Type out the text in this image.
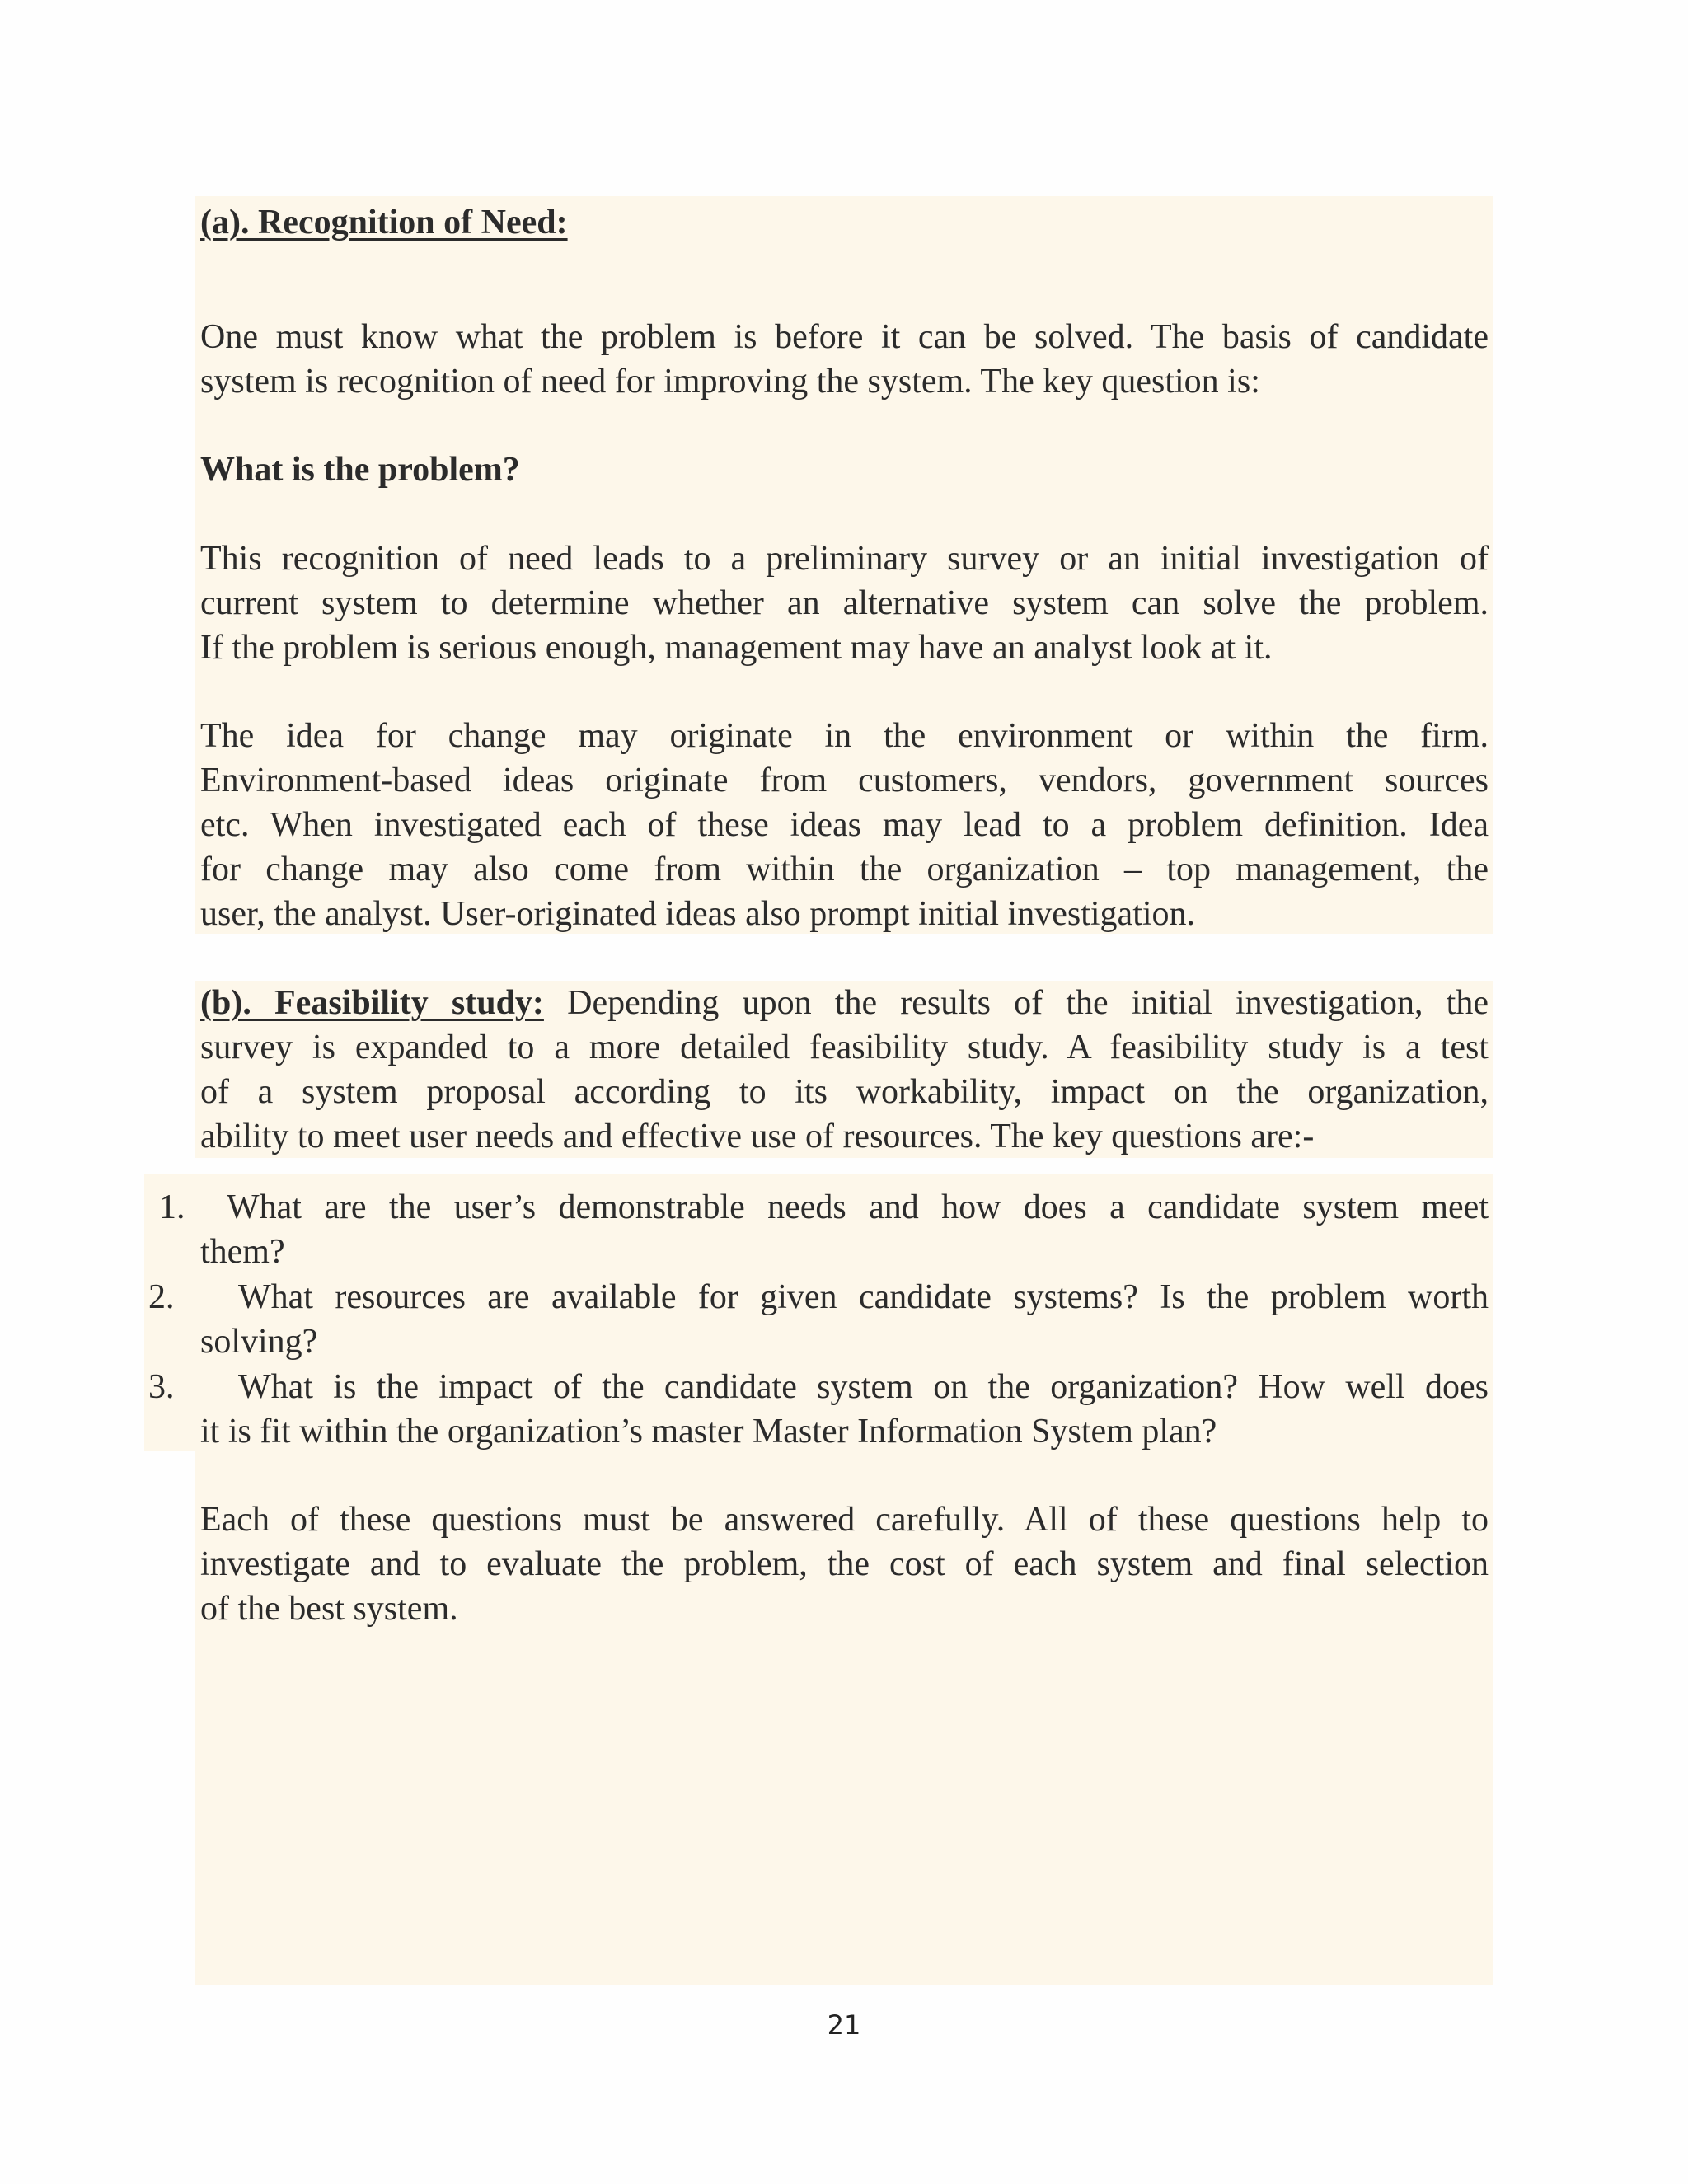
(a). Recognition of Need:
One must know what the problem is before it can be solved. The basis of candidate
system is recognition of need for improving the system. The key question is:
What is the problem?
This recognition of need leads to a preliminary survey or an initial investigation of
current system to determine whether an alternative system can solve the problem.
If the problem is serious enough, management may have an analyst look at it.
The idea for change may originate in the environment or within the firm.
Environment-based ideas originate from customers, vendors, government sources
etc. When investigated each of these ideas may lead to a problem definition. Idea
for change may also come from within the organization – top management, the
user, the analyst. User-originated ideas also prompt initial investigation.
(b). Feasibility study: Depending upon the results of the initial investigation, the
survey is expanded to a more detailed feasibility study. A feasibility study is a test
of a system proposal according to its workability, impact on the organization,
ability to meet user needs and effective use of resources. The key questions are:-
1.	What are the user’s demonstrable needs and how does a candidate system meet
them?
2.	What resources are available for given candidate systems? Is the problem worth
solving?
3.	What is the impact of the candidate system on the organization? How well does
it is fit within the organization’s master Master Information System plan?
Each of these questions must be answered carefully. All of these questions help to
investigate and to evaluate the problem, the cost of each system and final selection
of the best system.
21
